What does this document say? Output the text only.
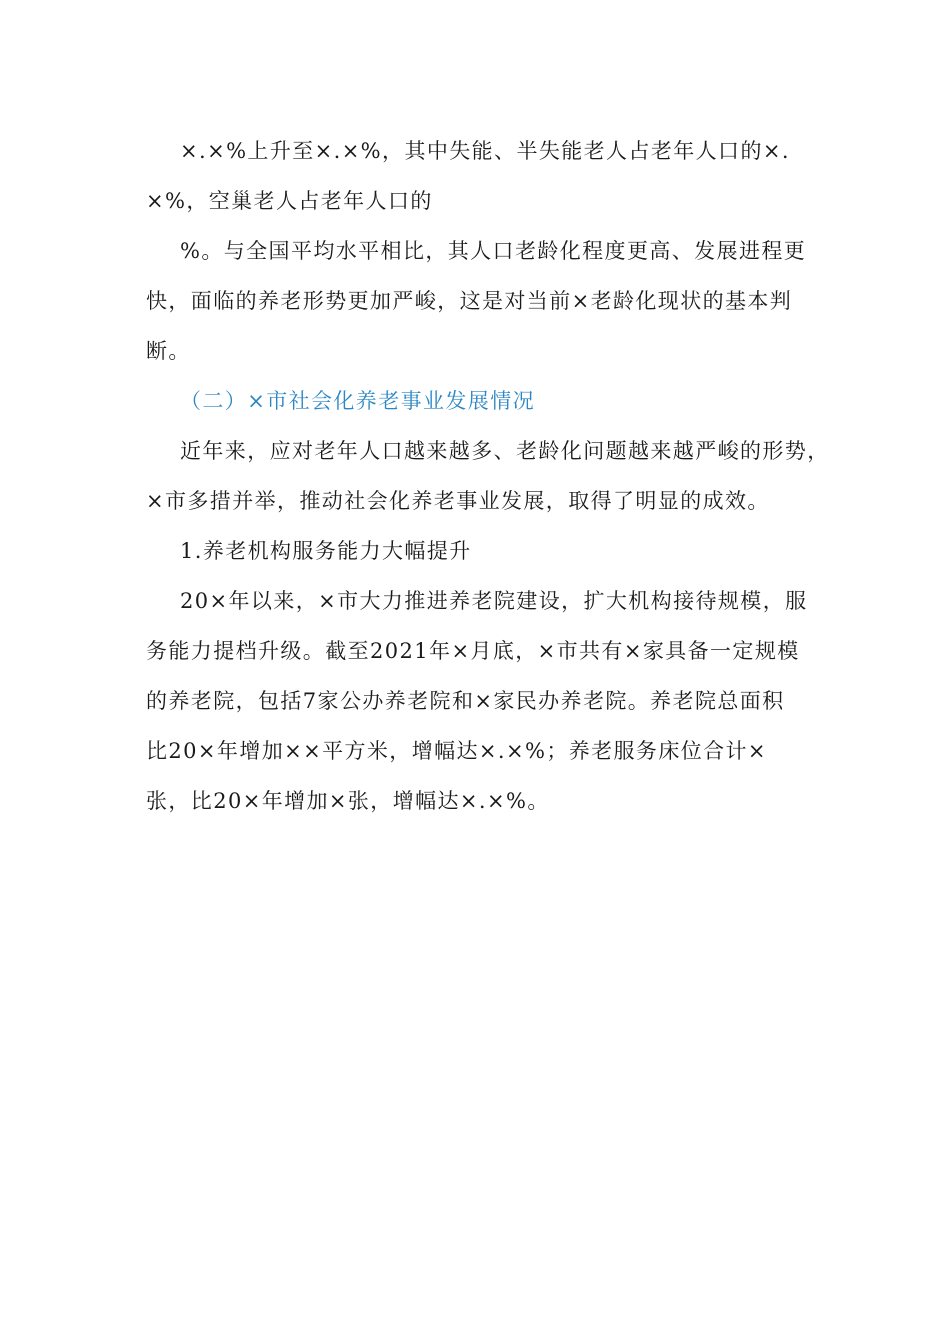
×.×%上升至×.×%，其中失能、半失能老人占老年人口的×.
×%，空巢老人占老年人口的
%。与全国平均水平相比，其人口老龄化程度更高、发展进程更
快，面临的养老形势更加严峻，这是对当前×老龄化现状的基本判
断。
（二）×市社会化养老事业发展情况
近年来，应对老年人口越来越多、老龄化问题越来越严峻的形势，
×市多措并举，推动社会化养老事业发展，取得了明显的成效。
1.养老机构服务能力大幅提升
20×年以来，×市大力推进养老院建设，扩大机构接待规模，服
务能力提档升级。截至2021年×月底，×市共有×家具备一定规模
的养老院，包括7家公办养老院和×家民办养老院。养老院总面积
比20×年增加××平方米，增幅达×.×%；养老服务床位合计×
张，比20×年增加×张，增幅达×.×%。
